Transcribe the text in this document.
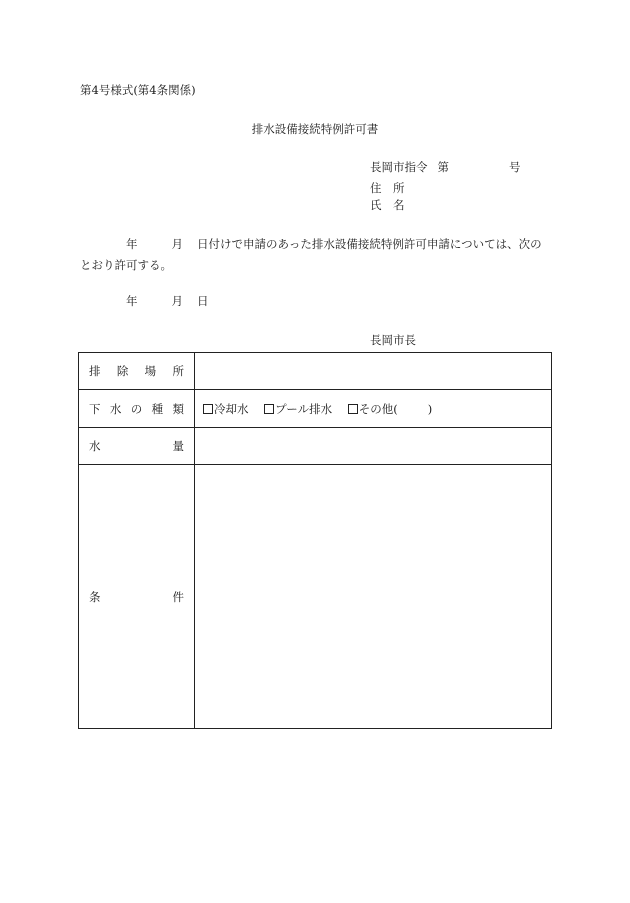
第4号様式(第4条関係)
排水設備接続特例許可書
長岡市指令 第	号
住　所
氏　名
年	月 日付けで申請のあった排水設備接続特例許可申請については、次の
とおり許可する。
年	月 日
長岡市長
排 除 場 所	

下 水 の 種 類	冷却水 プール排水 その他( )

水 量	

条 件	
